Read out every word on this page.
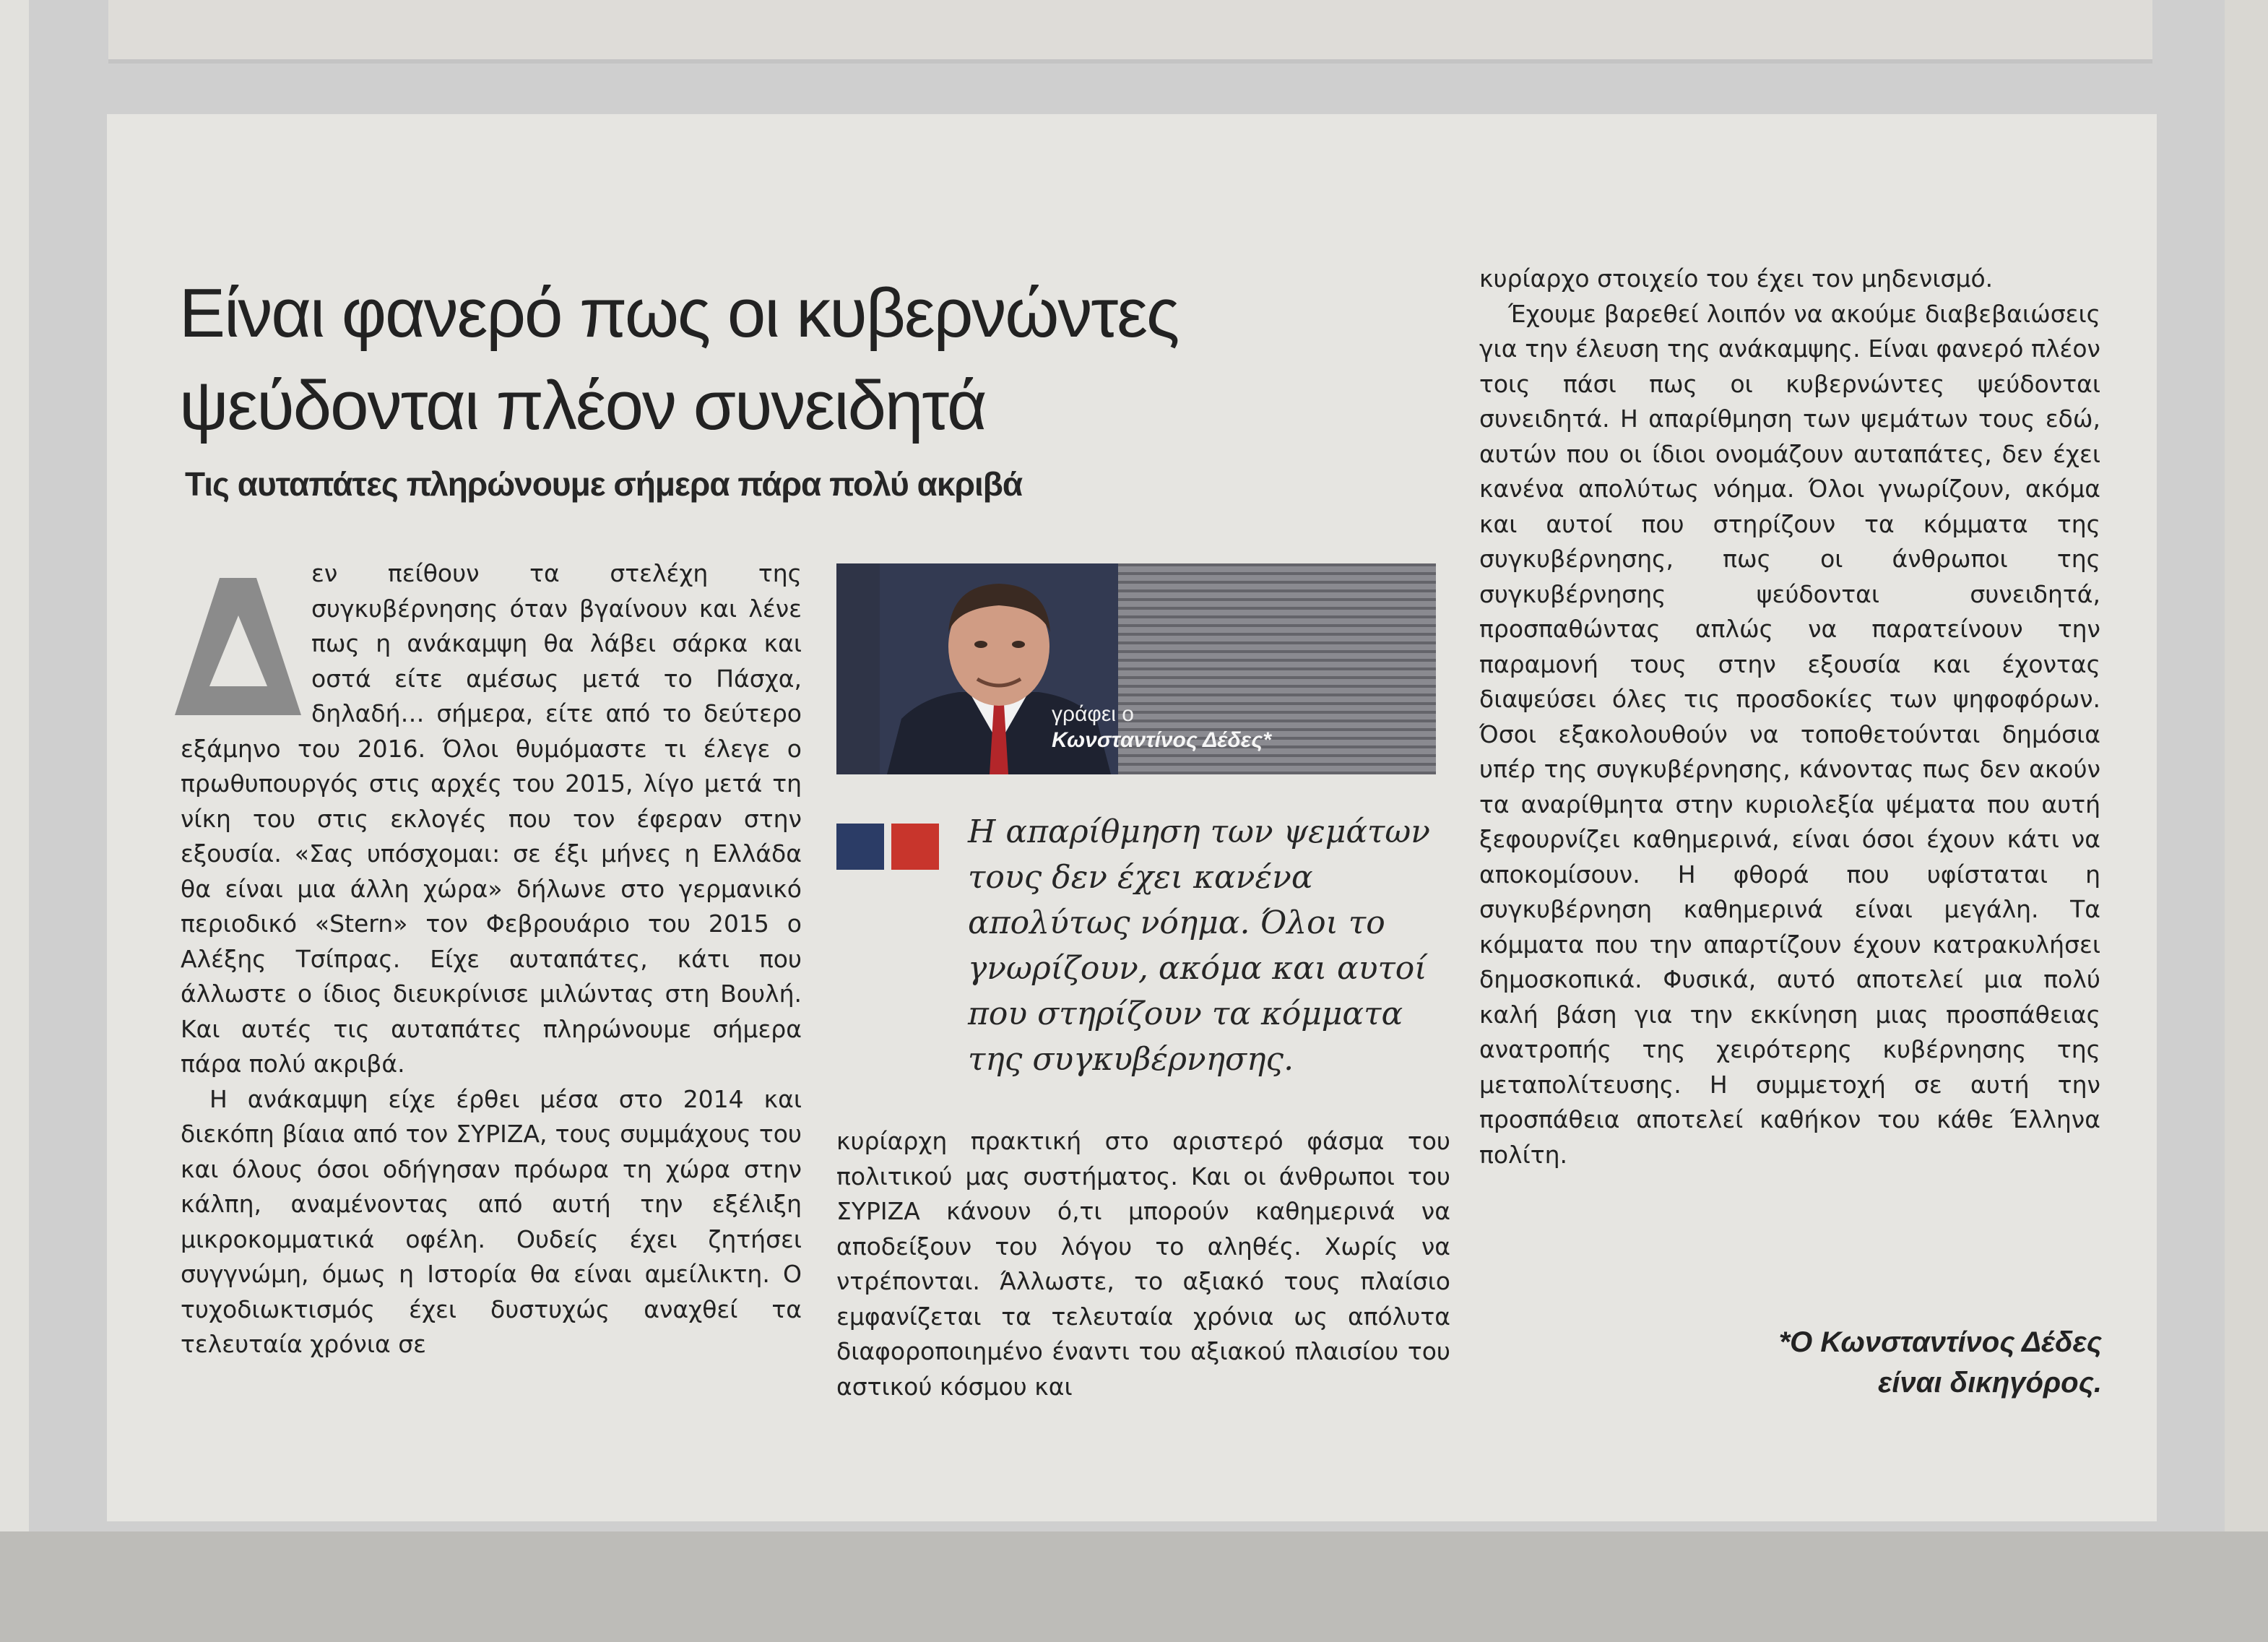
Είναι φανερό πως οι κυβερνώντες ψεύδονται πλέον συνειδητά
Τις αυταπάτες πληρώνουμε σήμερα πάρα πολύ ακριβά

εν πείθουν τα στελέχη της συγκυβέρνησης όταν βγαίνουν και λένε πως η ανάκαμψη θα λάβει σάρκα και οστά είτε αμέσως μετά το Πάσχα, δηλαδή… σήμερα, είτε από το δεύτερο εξάμηνο του 2016. Όλοι θυμόμαστε τι έλεγε ο πρωθυπουργός στις αρχές του 2015, λίγο μετά τη νίκη του στις εκλογές που τον έφεραν στην εξουσία. «Σας υπόσχομαι: σε έξι μήνες η Ελλάδα θα είναι μια άλλη χώρα» δήλωνε στο γερμανικό περιοδικό «Stern» τον Φεβρουάριο του 2015 ο Αλέξης Τσίπρας. Είχε αυταπάτες, κάτι που άλλωστε ο ίδιος διευκρίνισε μιλώντας στη Βουλή. Και αυτές τις αυταπάτες πληρώνουμε σήμερα πάρα πολύ ακριβά.

Η ανάκαμψη είχε έρθει μέσα στο 2014 και διεκόπη βίαια από τον ΣΥΡΙΖΑ, τους συμμάχους του και όλους όσοι οδήγησαν πρόωρα τη χώρα στην κάλπη, αναμένοντας από αυτή την εξέλιξη μικροκομματικά οφέλη. Ουδείς έχει ζητήσει συγγνώμη, όμως η Ιστορία θα είναι αμείλικτη. Ο τυχοδιωκτισμός έχει δυστυχώς αναχθεί τα τελευταία χρόνια σε

γράφει ο

Κωνσταντίνος Δέδες*

Η απαρίθμηση των ψεμάτων τους δεν έχει κανένα απολύτως νόημα. Όλοι το γνωρίζουν, ακόμα και αυτοί που στηρίζουν τα κόμματα της συγκυβέρνησης.

κυρίαρχη πρακτική στο αριστερό φάσμα του πολιτικού μας συστήματος. Και οι άνθρωποι του ΣΥΡΙΖΑ κάνουν ό,τι μπορούν καθημερινά να αποδείξουν του λόγου το αληθές. Χωρίς να ντρέπονται. Άλλωστε, το αξιακό τους πλαίσιο εμφανίζεται τα τελευταία χρόνια ως απόλυτα διαφοροποιημένο έναντι του αξιακού πλαισίου του αστικού κόσμου και

κυρίαρχο στοιχείο του έχει τον μηδενισμό.

Έχουμε βαρεθεί λοιπόν να ακούμε διαβεβαιώσεις για την έλευση της ανάκαμψης. Είναι φανερό πλέον τοις πάσι πως οι κυβερνώντες ψεύδονται συνειδητά. Η απαρίθμηση των ψεμάτων τους εδώ, αυτών που οι ίδιοι ονομάζουν αυταπάτες, δεν έχει κανένα απολύτως νόημα. Όλοι γνωρίζουν, ακόμα και αυτοί που στηρίζουν τα κόμματα της συγκυβέρνησης, πως οι άνθρωποι της συγκυβέρνησης ψεύδονται συνειδητά, προσπαθώντας απλώς να παρατείνουν την παραμονή τους στην εξουσία και έχοντας διαψεύσει όλες τις προσδοκίες των ψηφοφόρων. Όσοι εξακολουθούν να τοποθετούνται δημόσια υπέρ της συγκυβέρνησης, κάνοντας πως δεν ακούν τα αναρίθμητα στην κυριολεξία ψέματα που αυτή ξεφουρνίζει καθημερινά, είναι όσοι έχουν κάτι να αποκομίσουν. Η φθορά που υφίσταται η συγκυβέρνηση καθημερινά είναι μεγάλη. Τα κόμματα που την απαρτίζουν έχουν κατρακυλήσει δημοσκοπικά. Φυσικά, αυτό αποτελεί μια πολύ καλή βάση για την εκκίνηση μιας προσπάθειας ανατροπής της χειρότερης κυβέρνησης της μεταπολίτευσης. Η συμμετοχή σε αυτή την προσπάθεια αποτελεί καθήκον του κάθε Έλληνα πολίτη.

*Ο Κωνσταντίνος Δέδες
είναι δικηγόρος.
